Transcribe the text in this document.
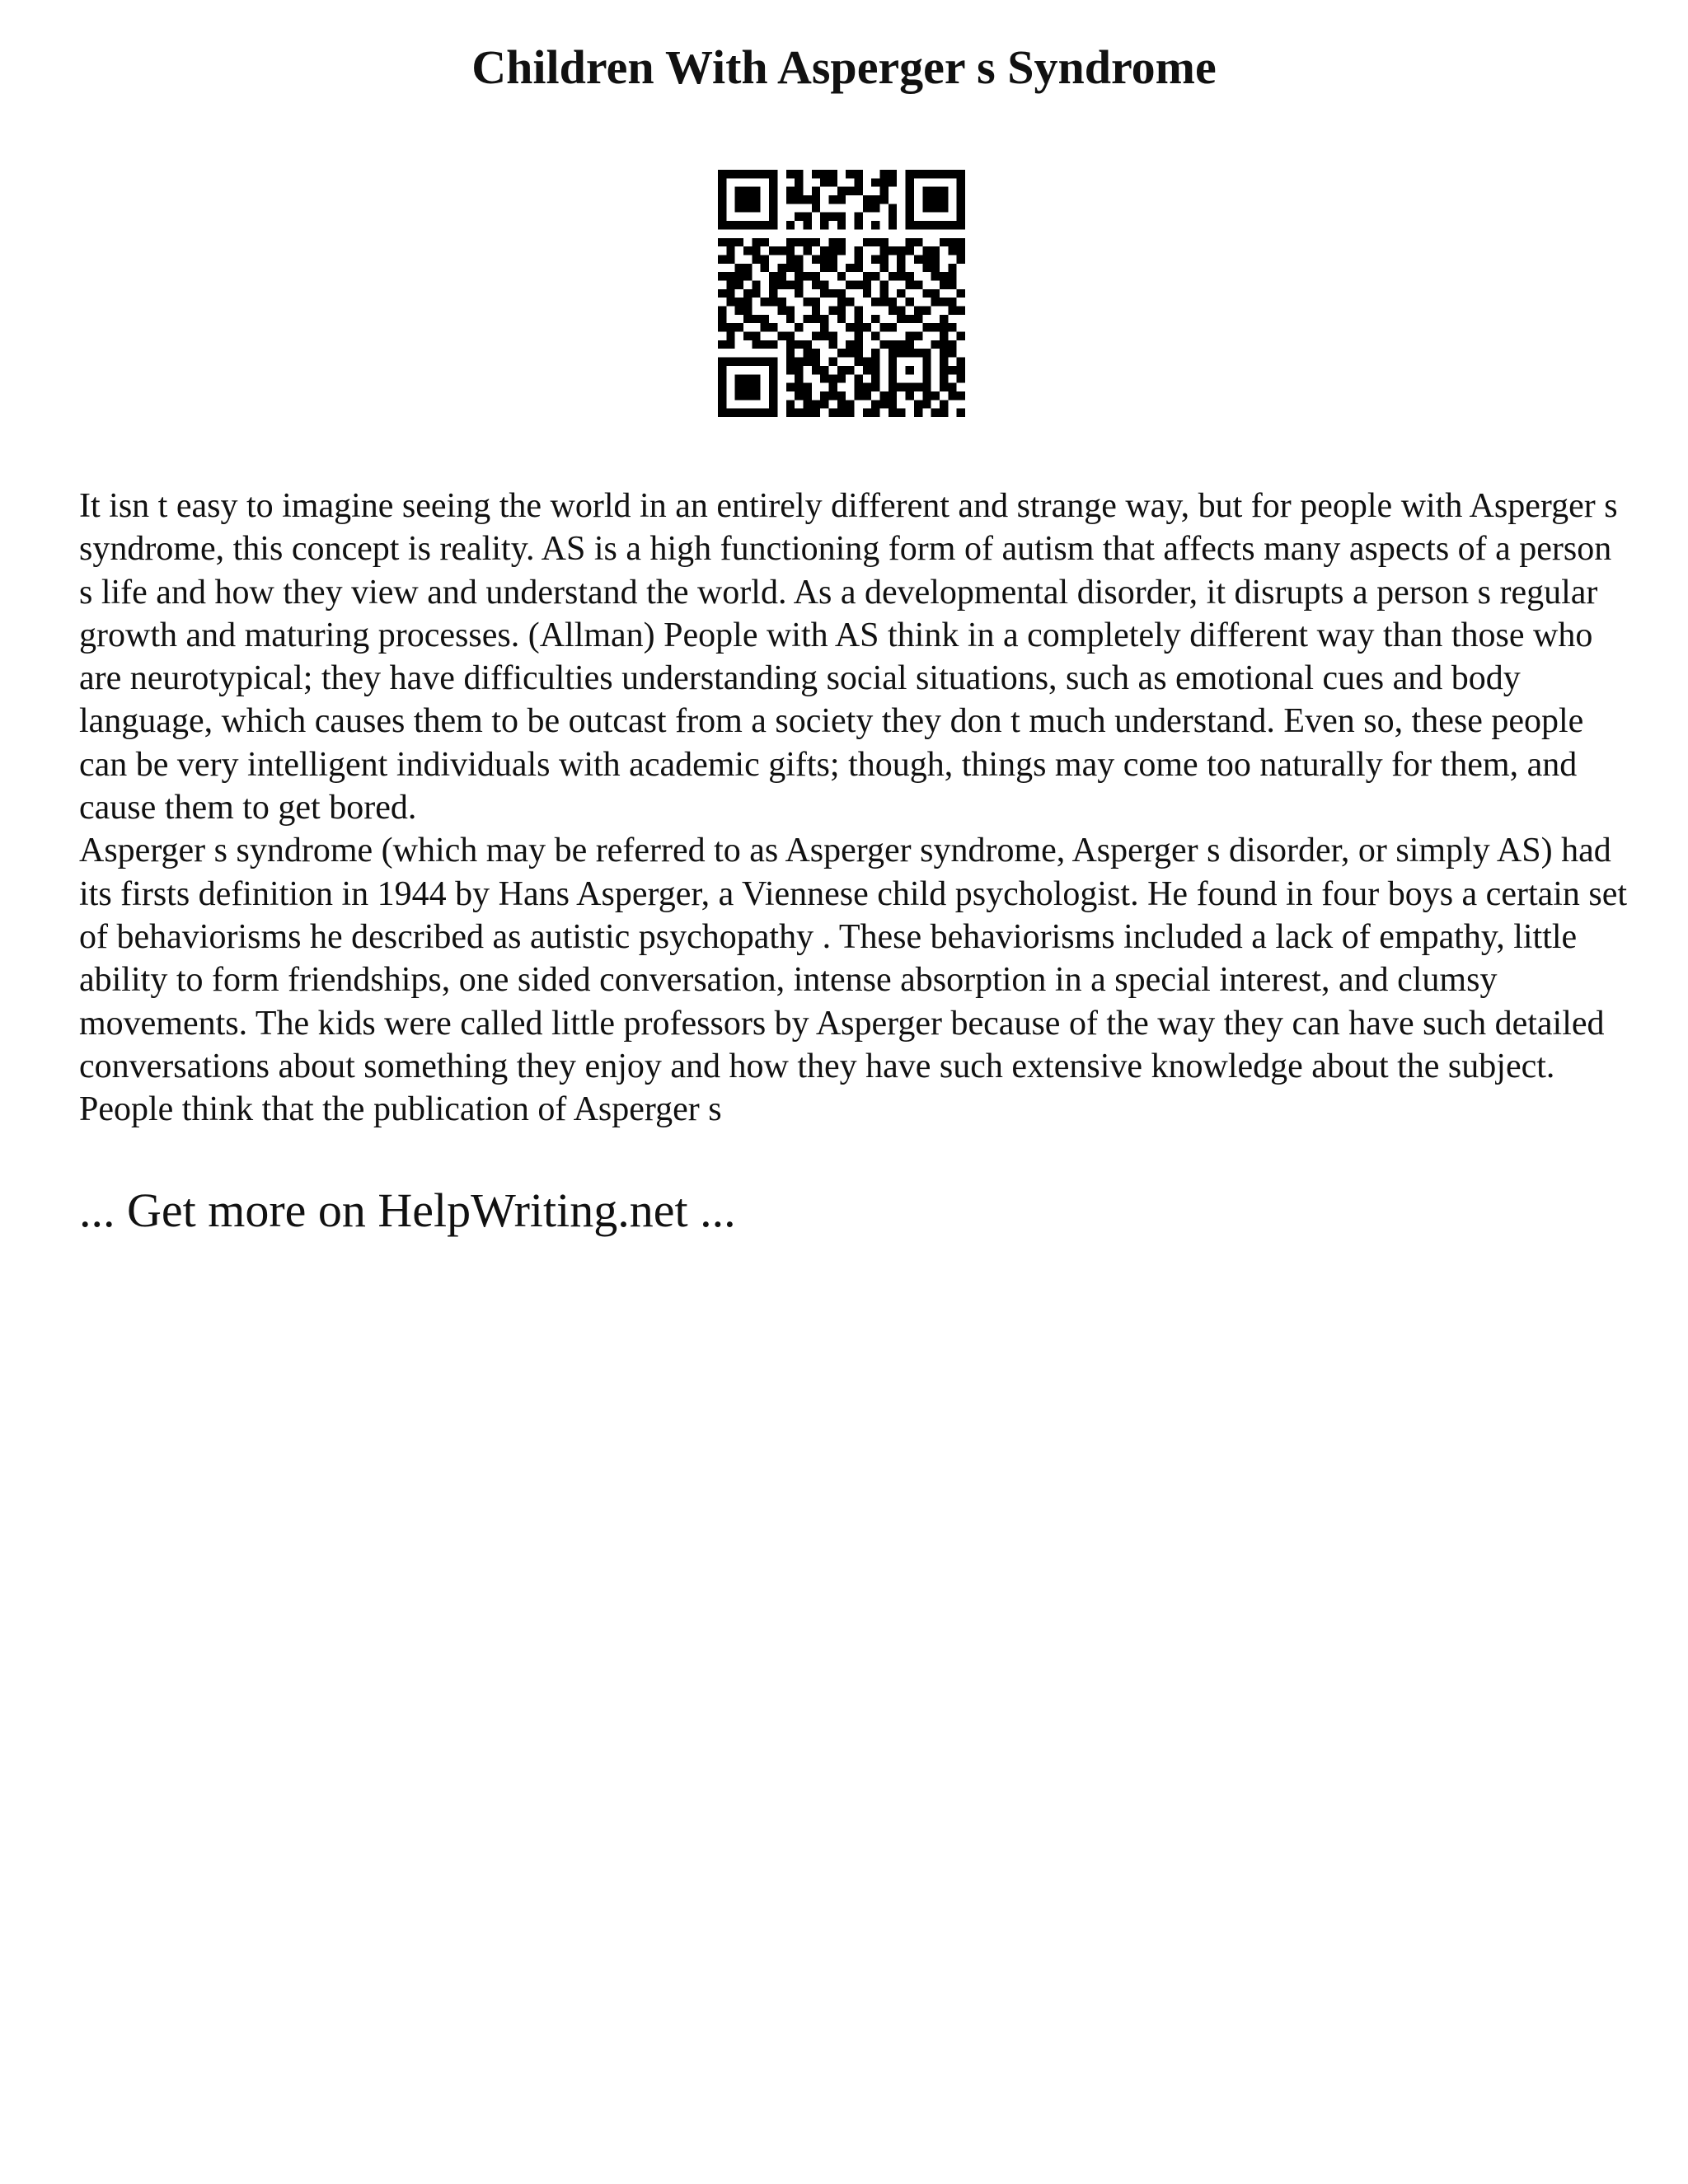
Children With Asperger s Syndrome

It isn t easy to imagine seeing the world in an entirely different and strange way, but for people with Asperger s syndrome, this concept is reality. AS is a high functioning form of autism that affects many aspects of a person s life and how they view and understand the world. As a developmental disorder, it disrupts a person s regular growth and maturing processes. (Allman) People with AS think in a completely different way than those who are neurotypical; they have difficulties understanding social situations, such as emotional cues and body language, which causes them to be outcast from a society they don t much understand. Even so, these people can be very intelligent individuals with academic gifts; though, things may come too naturally for them, and cause them to get bored.

Asperger s syndrome (which may be referred to as Asperger syndrome, Asperger s disorder, or simply AS) had its firsts definition in 1944 by Hans Asperger, a Viennese child psychologist. He found in four boys a certain set of behaviorisms he described as autistic psychopathy . These behaviorisms included a lack of empathy, little ability to form friendships, one sided conversation, intense absorption in a special interest, and clumsy movements. The kids were called little professors by Asperger because of the way they can have such detailed conversations about something they enjoy and how they have such extensive knowledge about the subject. People think that the publication of Asperger s

... Get more on HelpWriting.net ...
